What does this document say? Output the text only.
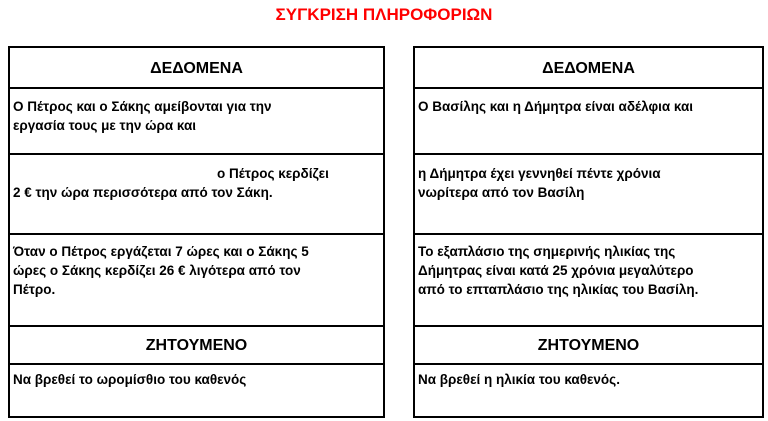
ΣΥΓΚΡΙΣΗ ΠΛΗΡΟΦΟΡΙΩΝ
ΔΕΔΟΜΕΝΑ
Ο Πέτρος και ο Σάκης αμείβονται για την
εργασία τους με την ώρα και
ο Πέτρος κερδίζει
2 € την ώρα περισσότερα από τον Σάκη.
Όταν ο Πέτρος εργάζεται 7 ώρες και ο Σάκης 5
ώρες ο Σάκης κερδίζει 26 € λιγότερα από τον
Πέτρο.
ΖΗΤΟΥΜΕΝΟ
Να βρεθεί το ωρομίσθιο του καθενός
ΔΕΔΟΜΕΝΑ
Ο Βασίλης και η Δήμητρα είναι αδέλφια και
η Δήμητρα έχει γεννηθεί πέντε χρόνια
νωρίτερα από τον Βασίλη
Το εξαπλάσιο της σημερινής ηλικίας της
Δήμητρας είναι κατά 25 χρόνια μεγαλύτερο
από το επταπλάσιο της ηλικίας του Βασίλη.
ΖΗΤΟΥΜΕΝΟ
Να βρεθεί η ηλικία του καθενός.
